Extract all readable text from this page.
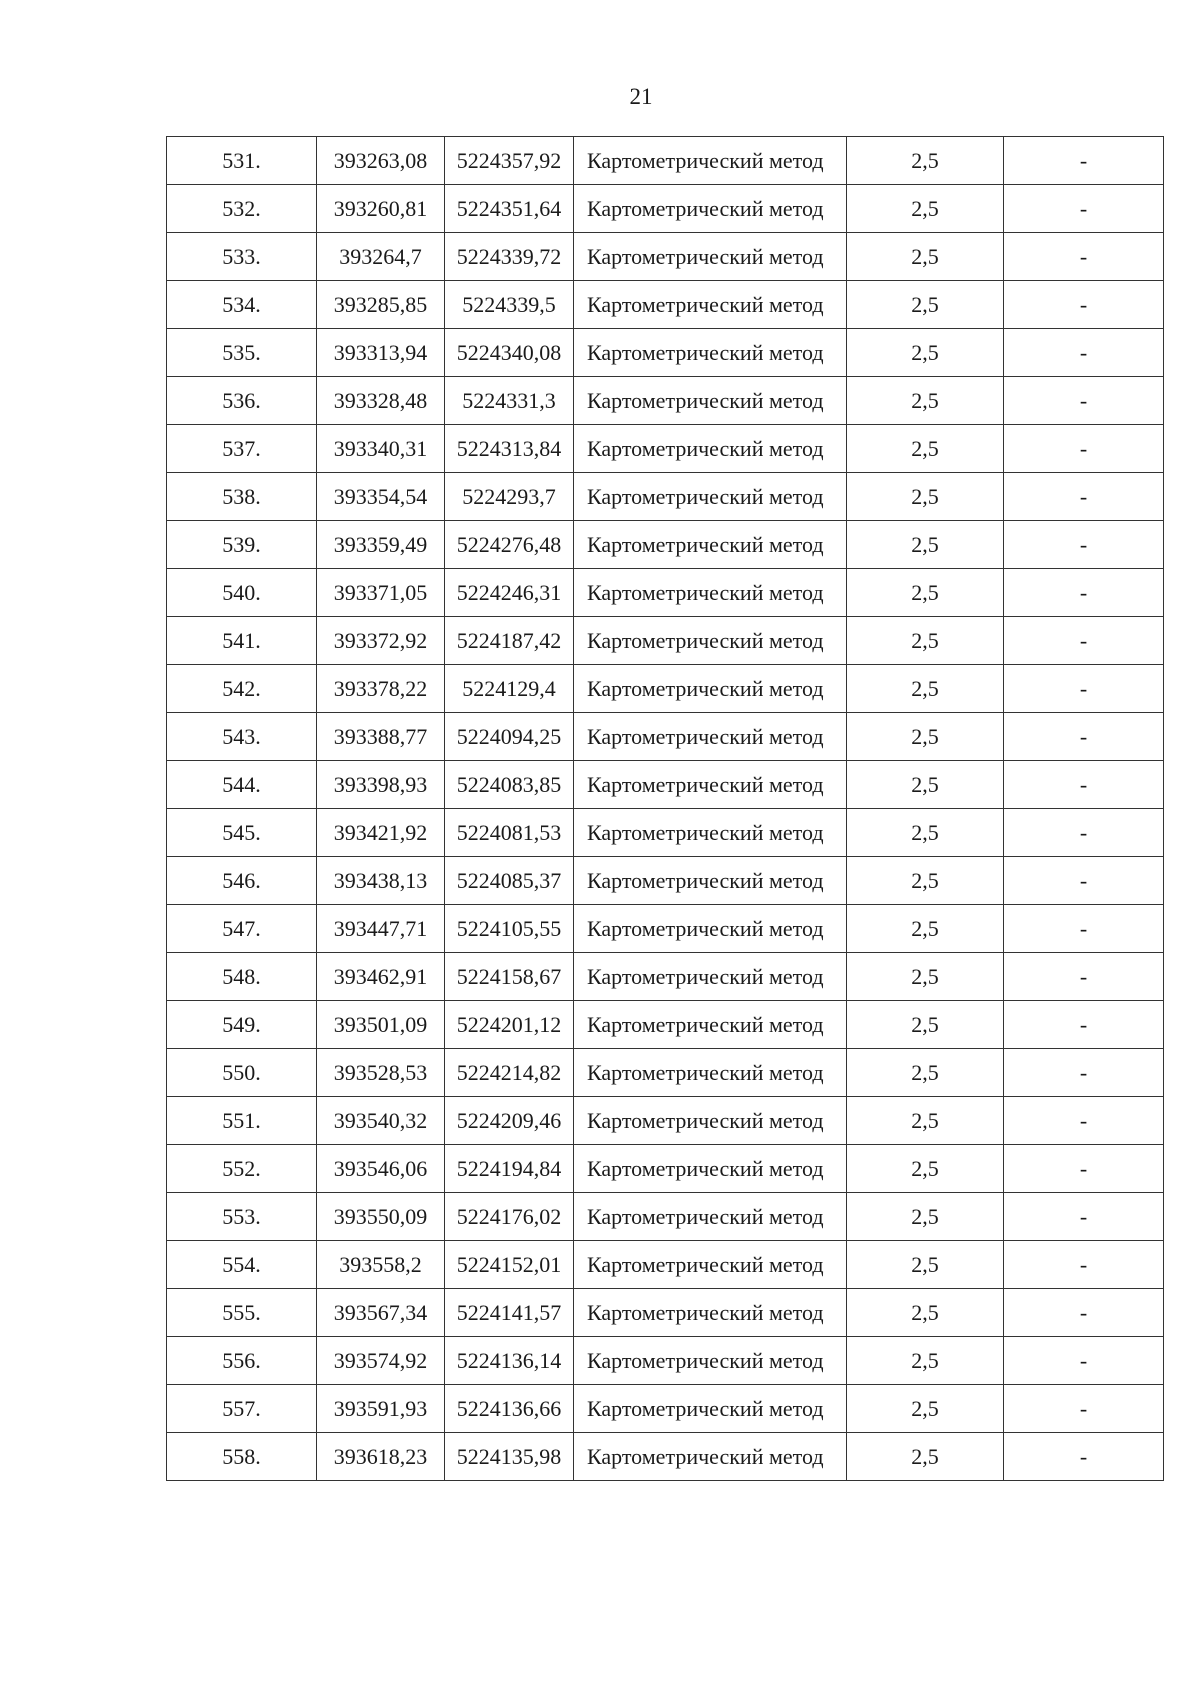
21
531.	393263,08	5224357,92	Картометрический метод	2,5	-
532.	393260,81	5224351,64	Картометрический метод	2,5	-
533.	393264,7	5224339,72	Картометрический метод	2,5	-
534.	393285,85	5224339,5	Картометрический метод	2,5	-
535.	393313,94	5224340,08	Картометрический метод	2,5	-
536.	393328,48	5224331,3	Картометрический метод	2,5	-
537.	393340,31	5224313,84	Картометрический метод	2,5	-
538.	393354,54	5224293,7	Картометрический метод	2,5	-
539.	393359,49	5224276,48	Картометрический метод	2,5	-
540.	393371,05	5224246,31	Картометрический метод	2,5	-
541.	393372,92	5224187,42	Картометрический метод	2,5	-
542.	393378,22	5224129,4	Картометрический метод	2,5	-
543.	393388,77	5224094,25	Картометрический метод	2,5	-
544.	393398,93	5224083,85	Картометрический метод	2,5	-
545.	393421,92	5224081,53	Картометрический метод	2,5	-
546.	393438,13	5224085,37	Картометрический метод	2,5	-
547.	393447,71	5224105,55	Картометрический метод	2,5	-
548.	393462,91	5224158,67	Картометрический метод	2,5	-
549.	393501,09	5224201,12	Картометрический метод	2,5	-
550.	393528,53	5224214,82	Картометрический метод	2,5	-
551.	393540,32	5224209,46	Картометрический метод	2,5	-
552.	393546,06	5224194,84	Картометрический метод	2,5	-
553.	393550,09	5224176,02	Картометрический метод	2,5	-
554.	393558,2	5224152,01	Картометрический метод	2,5	-
555.	393567,34	5224141,57	Картометрический метод	2,5	-
556.	393574,92	5224136,14	Картометрический метод	2,5	-
557.	393591,93	5224136,66	Картометрический метод	2,5	-
558.	393618,23	5224135,98	Картометрический метод	2,5	-
